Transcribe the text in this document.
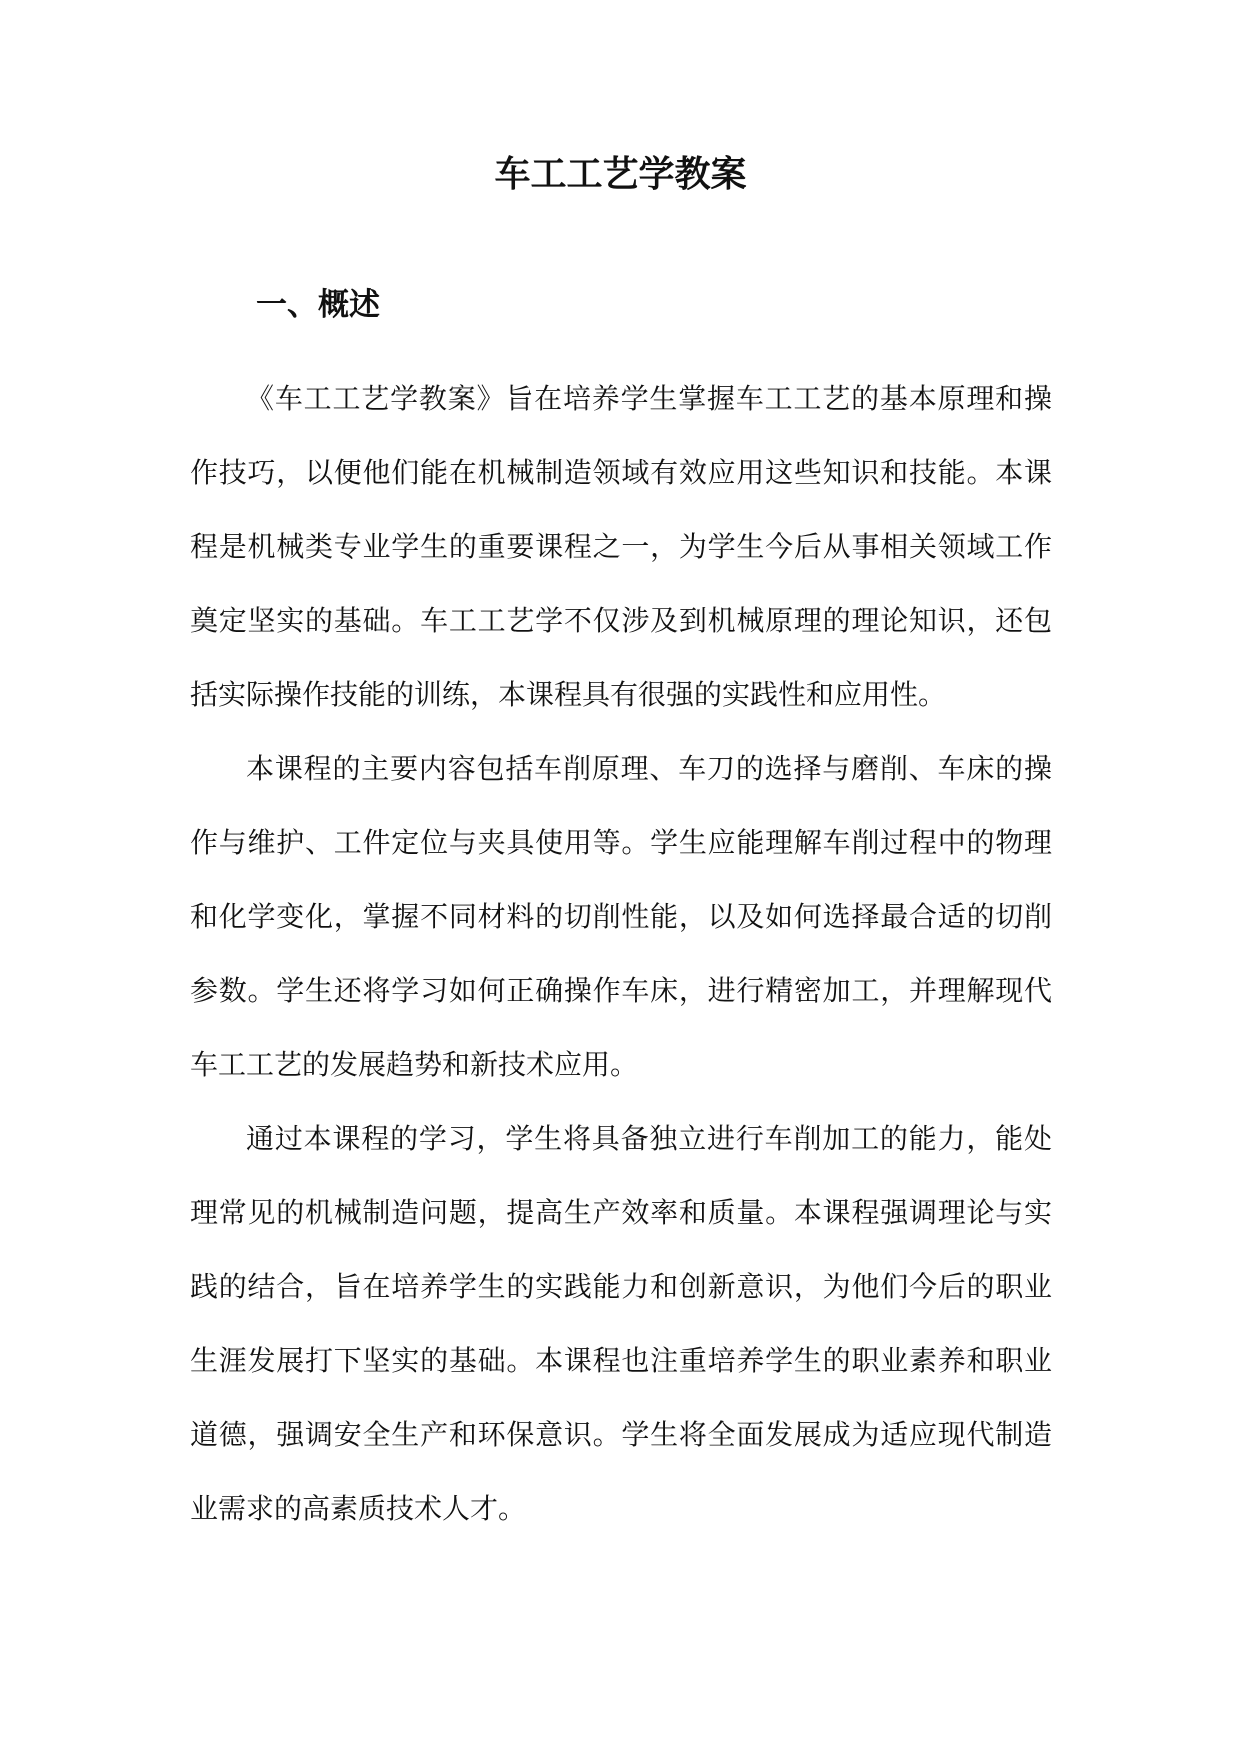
车工工艺学教案
一、概述

《车工工艺学教案》旨在培养学生掌握车工工艺的基本原理和操作技巧，以便他们能在机械制造领域有效应用这些知识和技能。本课程是机械类专业学生的重要课程之一，为学生今后从事相关领域工作奠定坚实的基础。车工工艺学不仅涉及到机械原理的理论知识，还包括实际操作技能的训练，本课程具有很强的实践性和应用性。

本课程的主要内容包括车削原理、车刀的选择与磨削、车床的操作与维护、工件定位与夹具使用等。学生应能理解车削过程中的物理和化学变化，掌握不同材料的切削性能，以及如何选择最合适的切削参数。学生还将学习如何正确操作车床，进行精密加工，并理解现代车工工艺的发展趋势和新技术应用。

通过本课程的学习，学生将具备独立进行车削加工的能力，能处理常见的机械制造问题，提高生产效率和质量。本课程强调理论与实践的结合，旨在培养学生的实践能力和创新意识，为他们今后的职业生涯发展打下坚实的基础。本课程也注重培养学生的职业素养和职业道德，强调安全生产和环保意识。学生将全面发展成为适应现代制造业需求的高素质技术人才。
